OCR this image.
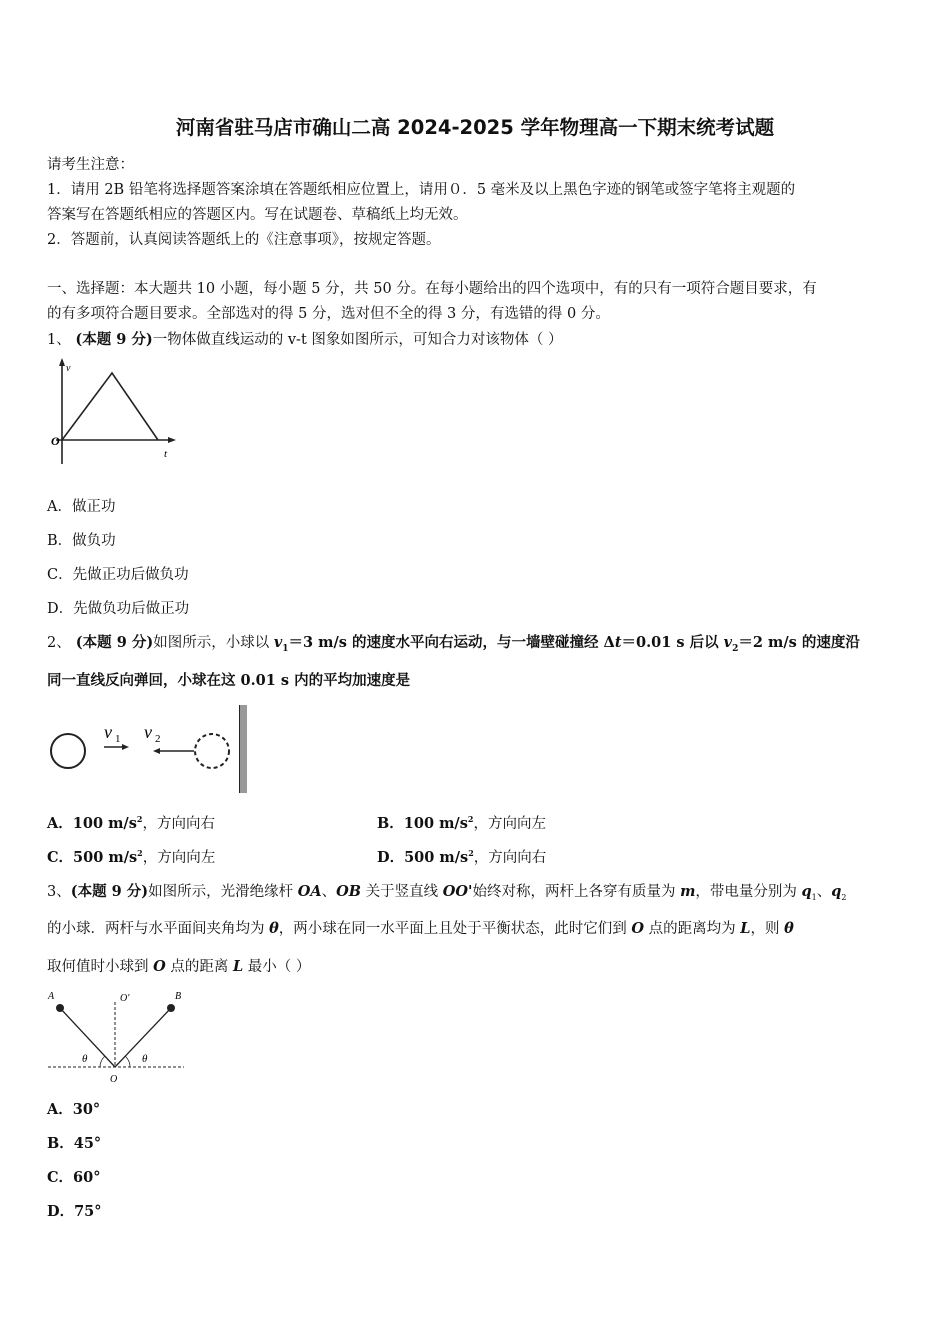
河南省驻马店市确山二高 2024-2025 学年物理高一下期末统考试题
请考生注意：
1．请用 2B 铅笔将选择题答案涂填在答题纸相应位置上，请用０．5 毫米及以上黑色字迹的钢笔或签字笔将主观题的
答案写在答题纸相应的答题区内。写在试题卷、草稿纸上均无效。
2．答题前，认真阅读答题纸上的《注意事项》，按规定答题。
一、选择题：本大题共 10 小题，每小题 5 分，共 50 分。在每小题给出的四个选项中，有的只有一项符合题目要求，有
的有多项符合题目要求。全部选对的得 5 分，选对但不全的得 3 分，有选错的得 0 分。
1、 (本题 9 分)一物体做直线运动的 v-t 图象如图所示，可知合力对该物体（ ）
v
O
t
A．做正功
B．做负功
C．先做正功后做负功
D．先做负功后做正功
2、 (本题 9 分)如图所示，小球以 $v_1=3$ m/s 的速度水平向右运动，与一墙壁碰撞经 Δt＝0.01 s 后以 $v_2=2$ m/s 的速度沿
同一直线反向弹回，小球在这 0.01 s 内的平均加速度是
v 1 v 2
A．100 $m/s^2$，方向向右	B．100 $m/s^2$，方向向左
C．500 $m/s^2$，方向向左	D．500 $m/s^2$，方向向右
3、(本题 9 分)如图所示，光滑绝缘杆 OA、OB 关于竖直线 OO'始终对称，两杆上各穿有质量为 m，带电量分别为 $q_1$、$q_2$
的小球．两杆与水平面间夹角均为 θ，两小球在同一水平面上且处于平衡状态，此时它们到 O 点的距离均为 L，则 θ
取何值时小球到 O 点的距离 L 最小（ ）
A	B
O'
O
θ	θ
A．30°
B．45°
C．60°
D．75°
